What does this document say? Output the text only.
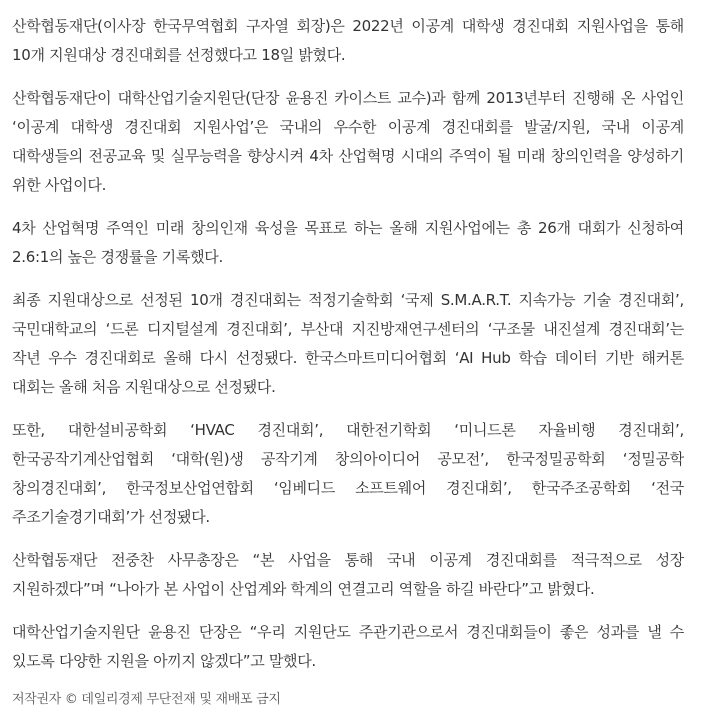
산학협동재단(이사장 한국무역협회 구자열 회장)은 2022년 이공계 대학생 경진대회 지원사업을 통해 10개 지원대상 경진대회를 선정했다고 18일 밝혔다.

산학협동재단이 대학산업기술지원단(단장 윤용진 카이스트 교수)과 함께 2013년부터 진행해 온 사업인 ‘이공계 대학생 경진대회 지원사업’은 국내의 우수한 이공계 경진대회를 발굴/지원, 국내 이공계 대학생들의 전공교육 및 실무능력을 향상시켜 4차 산업혁명 시대의 주역이 될 미래 창의인력을 양성하기 위한 사업이다.

4차 산업혁명 주역인 미래 창의인재 육성을 목표로 하는 올해 지원사업에는 총 26개 대회가 신청하여 2.6:1의 높은 경쟁률을 기록했다.

최종 지원대상으로 선정된 10개 경진대회는 적정기술학회 ‘국제 S.M.A.R.T. 지속가능 기술 경진대회’, 국민대학교의 ‘드론 디지털설계 경진대회’, 부산대 지진방재연구센터의 ‘구조물 내진설계 경진대회’는 작년 우수 경진대회로 올해 다시 선정됐다. 한국스마트미디어협회 ‘AI Hub 학습 데이터 기반 해커톤 대회는 올해 처음 지원대상으로 선정됐다.

또한, 대한설비공학회 ‘HVAC 경진대회’, 대한전기학회 ‘미니드론 자율비행 경진대회’, 한국공작기계산업협회 ‘대학(원)생 공작기계 창의아이디어 공모전’, 한국정밀공학회 ‘정밀공학 창의경진대회’, 한국정보산업연합회 ‘임베디드 소프트웨어 경진대회’, 한국주조공학회 ‘전국 주조기술경기대회’가 선정됐다.

산학협동재단 전중찬 사무총장은 “본 사업을 통해 국내 이공계 경진대회를 적극적으로 성장 지원하겠다”며 “나아가 본 사업이 산업계와 학계의 연결고리 역할을 하길 바란다”고 밝혔다.

대학산업기술지원단 윤용진 단장은 “우리 지원단도 주관기관으로서 경진대회들이 좋은 성과를 낼 수 있도록 다양한 지원을 아끼지 않겠다”고 말했다.

저작권자 © 데일리경제 무단전재 및 재배포 금지
